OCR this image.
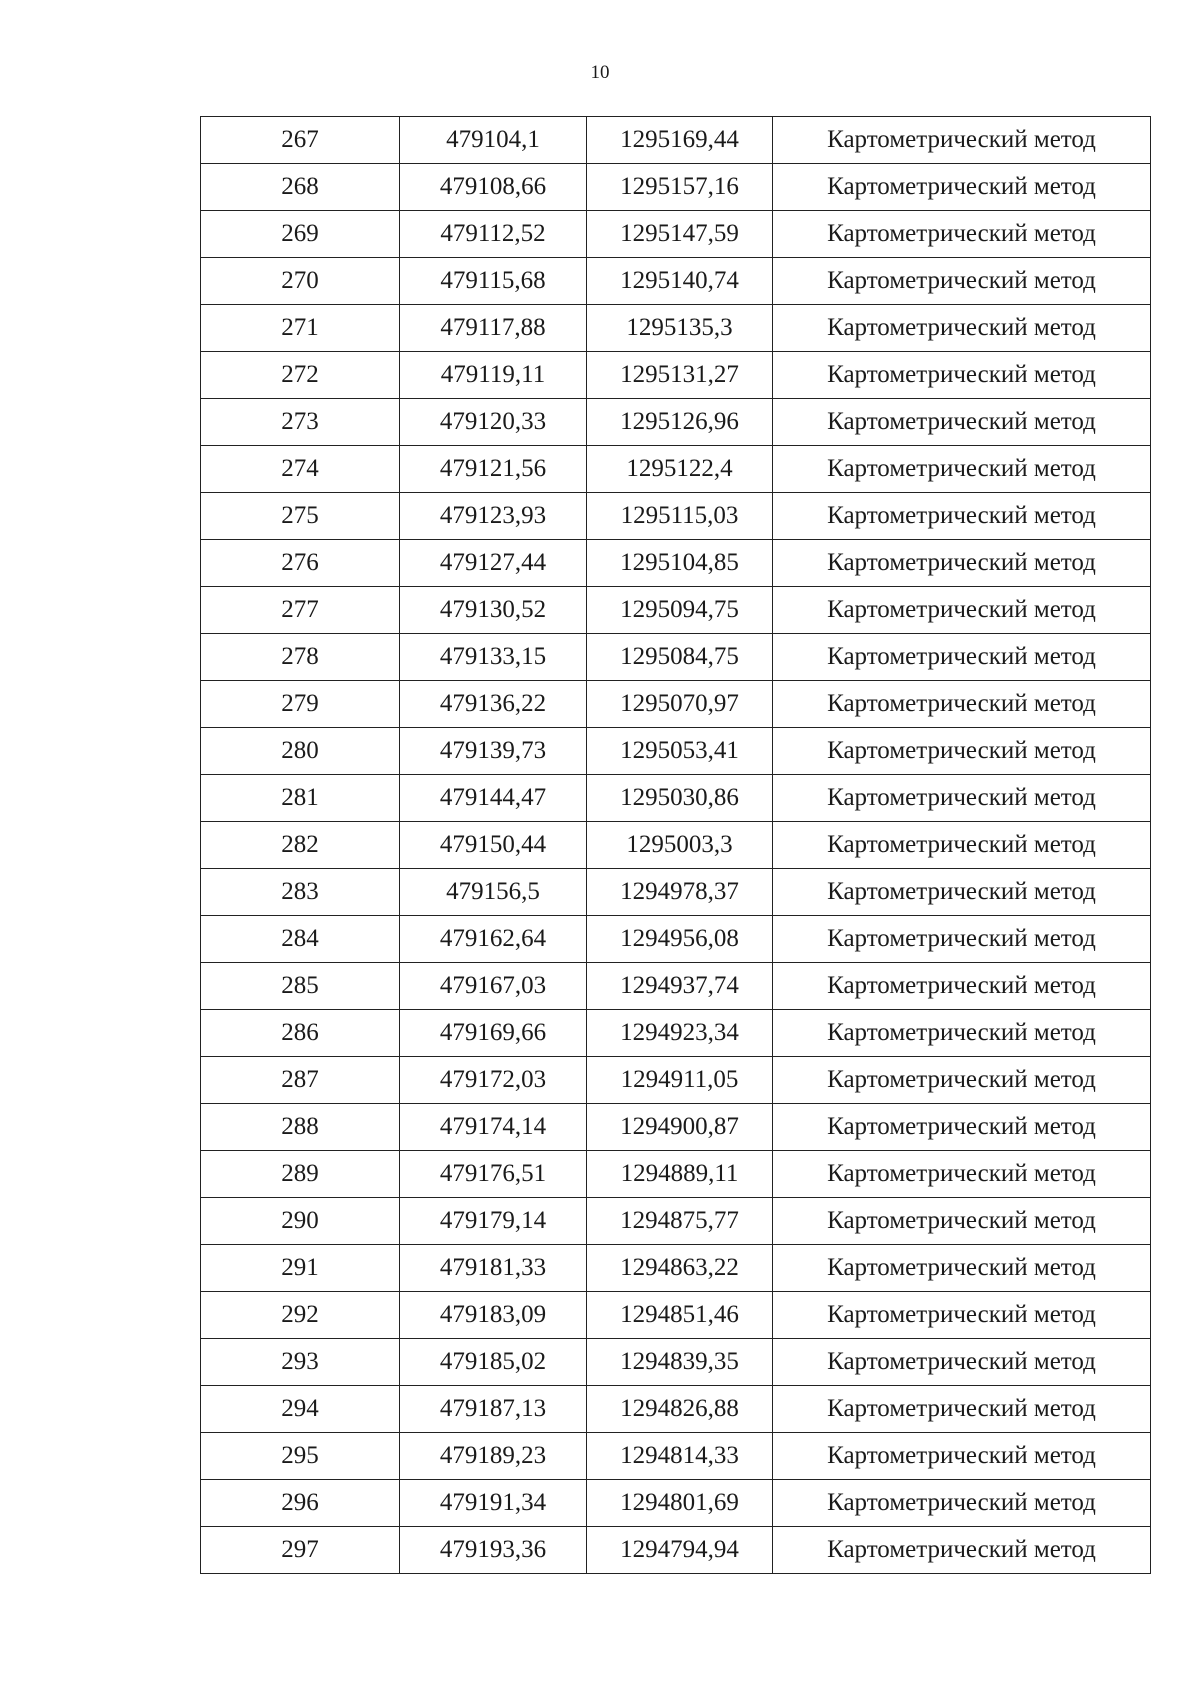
10
267	479104,1	1295169,44	Картометрический метод
268	479108,66	1295157,16	Картометрический метод
269	479112,52	1295147,59	Картометрический метод
270	479115,68	1295140,74	Картометрический метод
271	479117,88	1295135,3	Картометрический метод
272	479119,11	1295131,27	Картометрический метод
273	479120,33	1295126,96	Картометрический метод
274	479121,56	1295122,4	Картометрический метод
275	479123,93	1295115,03	Картометрический метод
276	479127,44	1295104,85	Картометрический метод
277	479130,52	1295094,75	Картометрический метод
278	479133,15	1295084,75	Картометрический метод
279	479136,22	1295070,97	Картометрический метод
280	479139,73	1295053,41	Картометрический метод
281	479144,47	1295030,86	Картометрический метод
282	479150,44	1295003,3	Картометрический метод
283	479156,5	1294978,37	Картометрический метод
284	479162,64	1294956,08	Картометрический метод
285	479167,03	1294937,74	Картометрический метод
286	479169,66	1294923,34	Картометрический метод
287	479172,03	1294911,05	Картометрический метод
288	479174,14	1294900,87	Картометрический метод
289	479176,51	1294889,11	Картометрический метод
290	479179,14	1294875,77	Картометрический метод
291	479181,33	1294863,22	Картометрический метод
292	479183,09	1294851,46	Картометрический метод
293	479185,02	1294839,35	Картометрический метод
294	479187,13	1294826,88	Картометрический метод
295	479189,23	1294814,33	Картометрический метод
296	479191,34	1294801,69	Картометрический метод
297	479193,36	1294794,94	Картометрический метод
